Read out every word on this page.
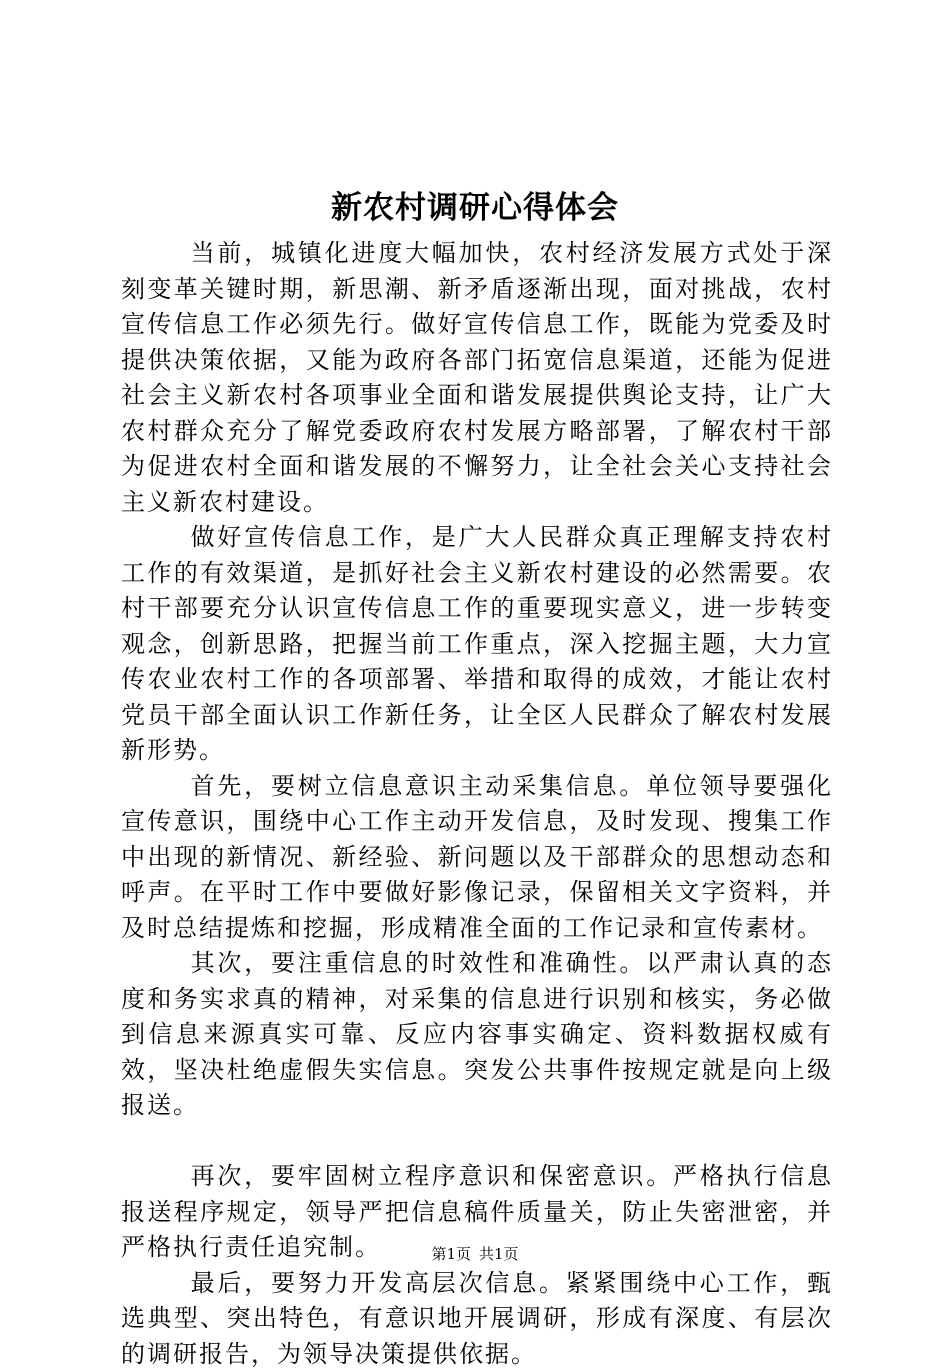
新农村调研心得体会

当前，城镇化进度大幅加快，农村经济发展方式处于深刻变革关键时期，新思潮、新矛盾逐渐出现，面对挑战，农村宣传信息工作必须先行。做好宣传信息工作，既能为党委及时提供决策依据，又能为政府各部门拓宽信息渠道，还能为促进社会主义新农村各项事业全面和谐发展提供舆论支持，让广大农村群众充分了解党委政府农村发展方略部署，了解农村干部为促进农村全面和谐发展的不懈努力，让全社会关心支持社会主义新农村建设。

做好宣传信息工作，是广大人民群众真正理解支持农村工作的有效渠道，是抓好社会主义新农村建设的必然需要。农村干部要充分认识宣传信息工作的重要现实意义，进一步转变观念，创新思路，把握当前工作重点，深入挖掘主题，大力宣传农业农村工作的各项部署、举措和取得的成效，才能让农村党员干部全面认识工作新任务，让全区人民群众了解农村发展新形势。

首先，要树立信息意识主动采集信息。单位领导要强化宣传意识，围绕中心工作主动开发信息，及时发现、搜集工作中出现的新情况、新经验、新问题以及干部群众的思想动态和呼声。在平时工作中要做好影像记录，保留相关文字资料，并及时总结提炼和挖掘，形成精准全面的工作记录和宣传素材。

其次，要注重信息的时效性和准确性。以严肃认真的态度和务实求真的精神，对采集的信息进行识别和核实，务必做到信息来源真实可靠、反应内容事实确定、资料数据权威有效，坚决杜绝虚假失实信息。突发公共事件按规定就是向上级报送。

再次，要牢固树立程序意识和保密意识。严格执行信息报送程序规定，领导严把信息稿件质量关，防止失密泄密，并严格执行责任追究制。

最后，要努力开发高层次信息。紧紧围绕中心工作，甄选典型、突出特色，有意识地开展调研，形成有深度、有层次的调研报告，为领导决策提供依据。

第1页 共1页
